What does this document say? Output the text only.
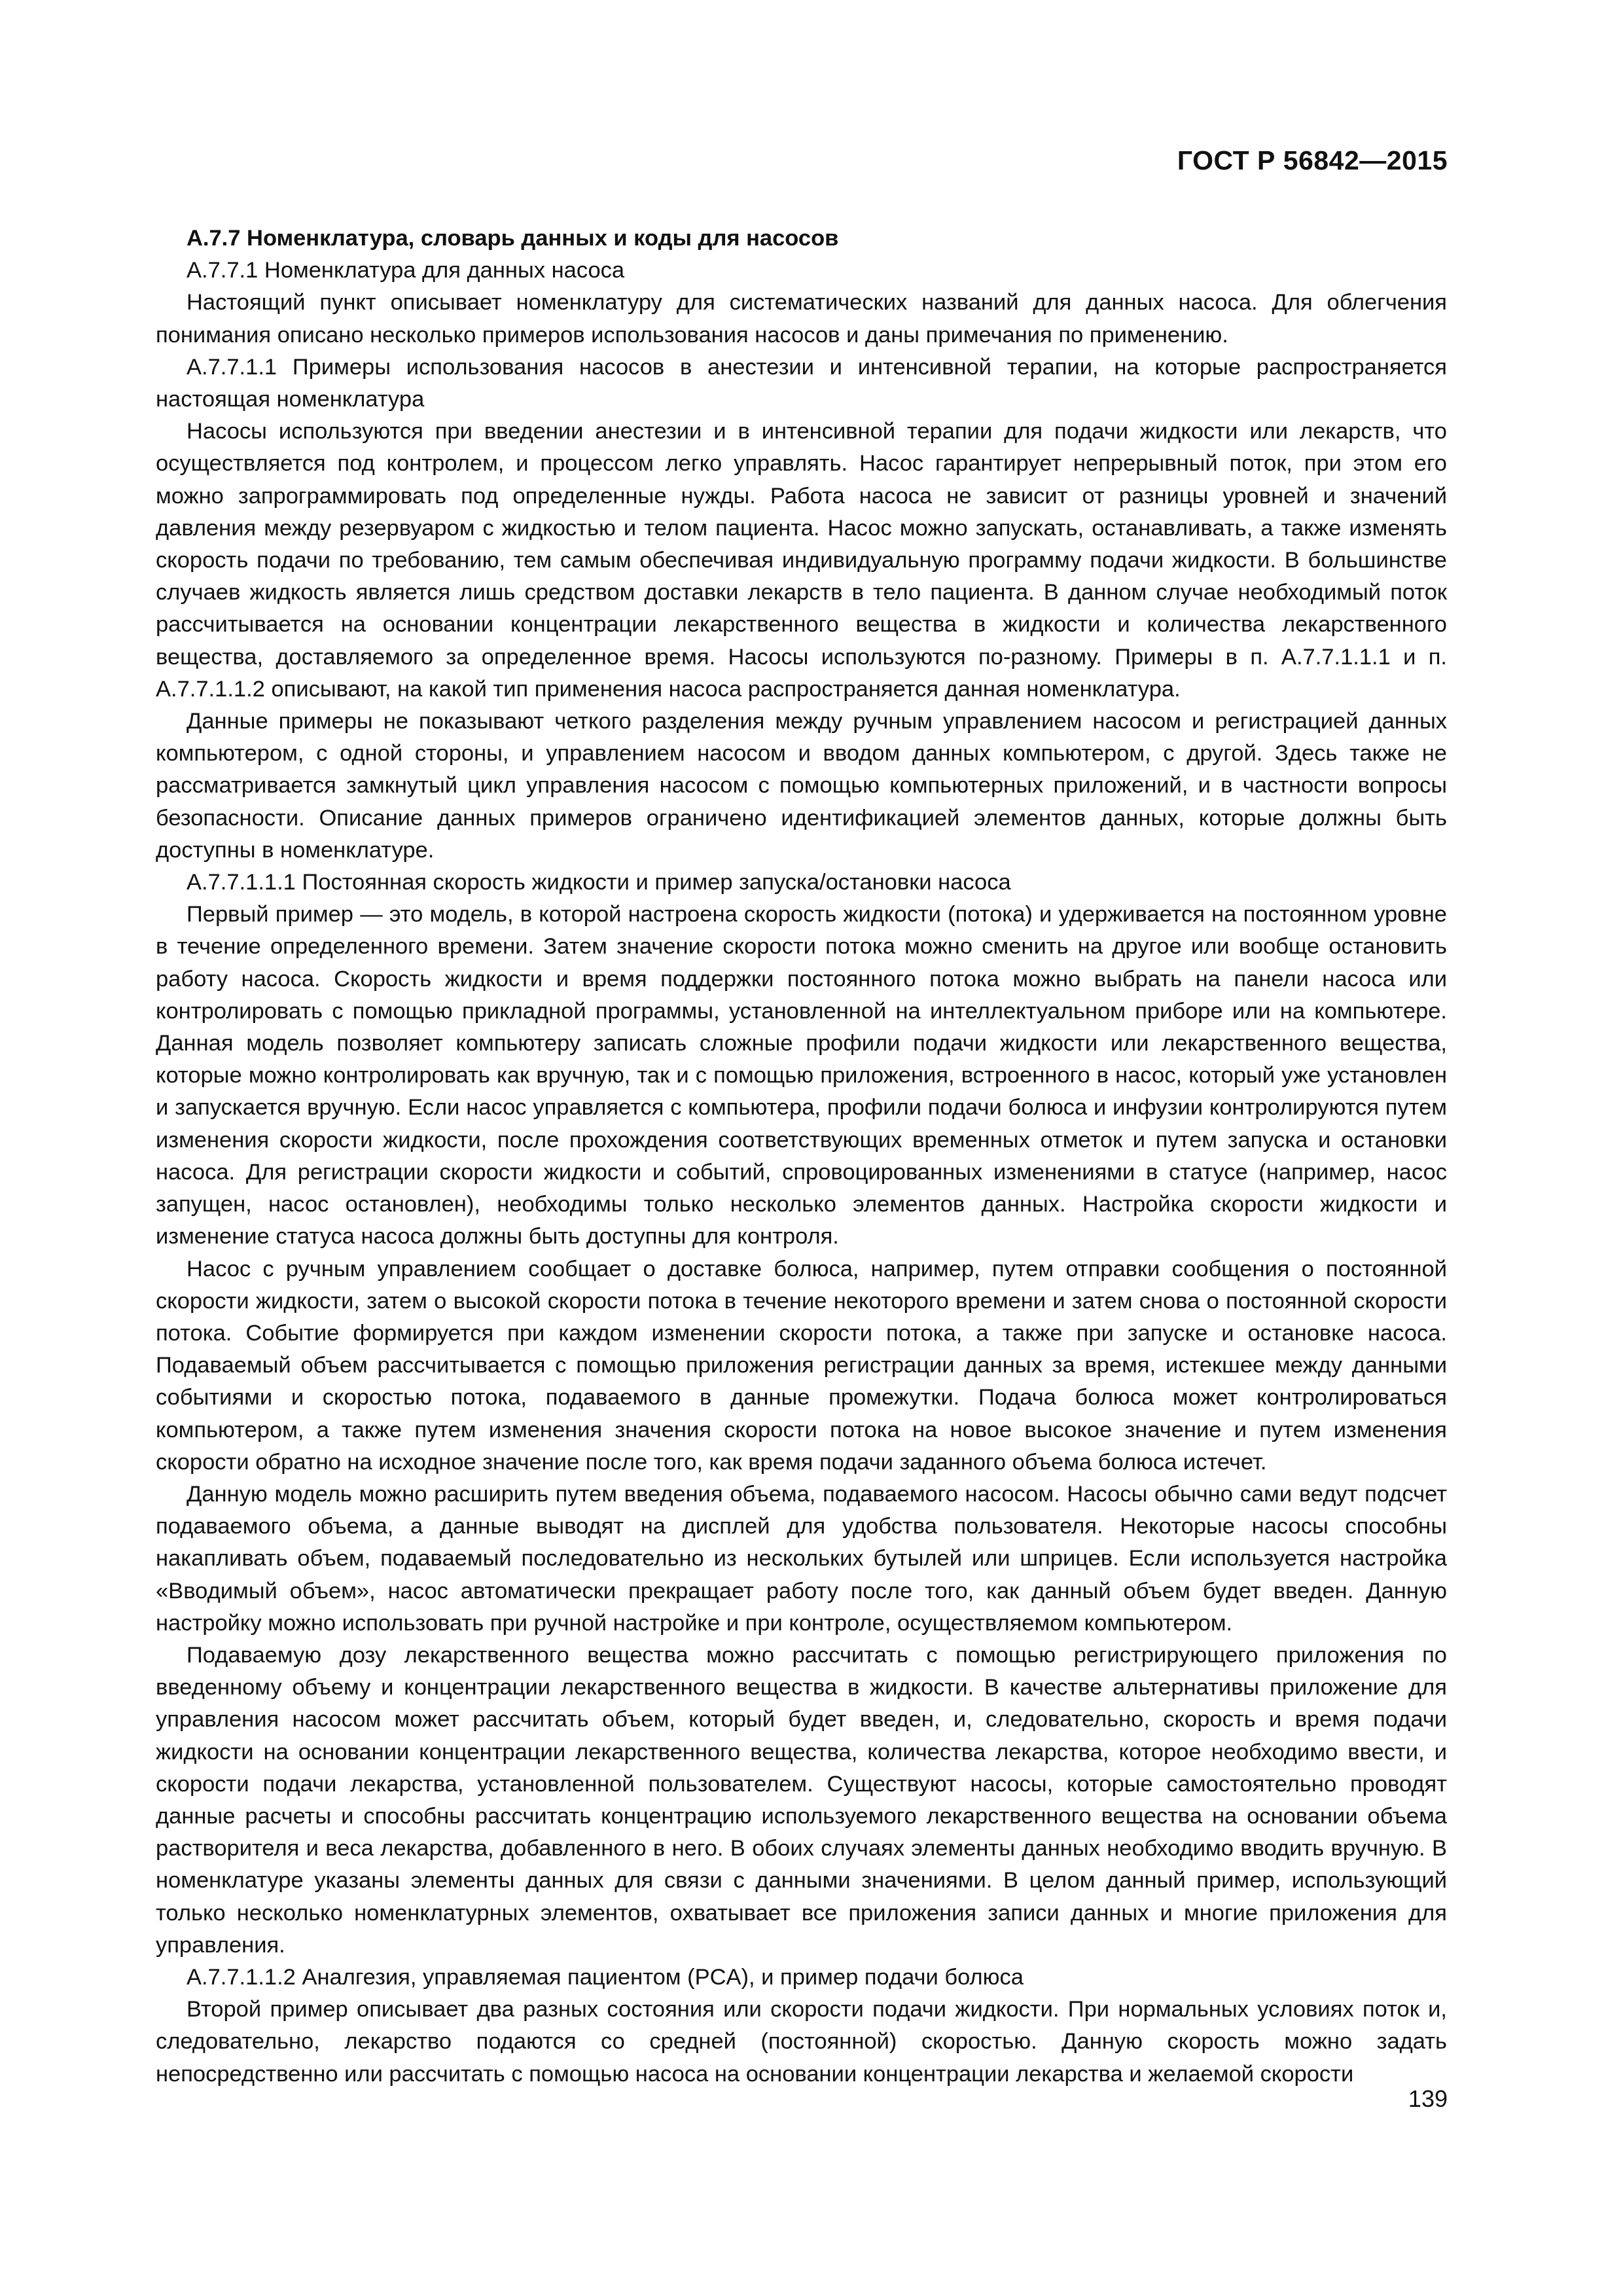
ГОСТ Р 56842—2015

А.7.7 Номенклатура, словарь данных и коды для насосов

А.7.7.1 Номенклатура для данных насоса

Настоящий пункт описывает номенклатуру для систематических названий для данных насоса. Для облегчения понимания описано несколько примеров использования насосов и даны примечания по применению.

А.7.7.1.1 Примеры использования насосов в анестезии и интенсивной терапии, на которые распространяется настоящая номенклатура

Насосы используются при введении анестезии и в интенсивной терапии для подачи жидкости или лекарств, что осуществляется под контролем, и процессом легко управлять. Насос гарантирует непрерывный поток, при этом его можно запрограммировать под определенные нужды. Работа насоса не зависит от разницы уровней и значений давления между резервуаром с жидкостью и телом пациента. Насос можно запускать, останавливать, а также изменять скорость подачи по требованию, тем самым обеспечивая индивидуальную программу подачи жидкости. В большинстве случаев жидкость является лишь средством доставки лекарств в тело пациента. В данном случае необходимый поток рассчитывается на основании концентрации лекарственного вещества в жидкости и количества лекарственного вещества, доставляемого за определенное время. Насосы используются по-разному. Примеры в п. А.7.7.1.1.1 и п. А.7.7.1.1.2 описывают, на какой тип применения насоса распространяется данная номенклатура.

Данные примеры не показывают четкого разделения между ручным управлением насосом и регистрацией данных компьютером, с одной стороны, и управлением насосом и вводом данных компьютером, с другой. Здесь также не рассматривается замкнутый цикл управления насосом с помощью компьютерных приложений, и в частности вопросы безопасности. Описание данных примеров ограничено идентификацией элементов данных, которые должны быть доступны в номенклатуре.

А.7.7.1.1.1 Постоянная скорость жидкости и пример запуска/остановки насоса

Первый пример — это модель, в которой настроена скорость жидкости (потока) и удерживается на постоянном уровне в течение определенного времени. Затем значение скорости потока можно сменить на другое или вообще остановить работу насоса. Скорость жидкости и время поддержки постоянного потока можно выбрать на панели насоса или контролировать с помощью прикладной программы, установленной на интеллектуальном приборе или на компьютере. Данная модель позволяет компьютеру записать сложные профили подачи жидкости или лекарственного вещества, которые можно контролировать как вручную, так и с помощью приложения, встроенного в насос, который уже установлен и запускается вручную. Если насос управляется с компьютера, профили подачи болюса и инфузии контролируются путем изменения скорости жидкости, после прохождения соответствующих временных отметок и путем запуска и остановки насоса. Для регистрации скорости жидкости и событий, спровоцированных изменениями в статусе (например, насос запущен, насос остановлен), необходимы только несколько элементов данных. Настройка скорости жидкости и изменение статуса насоса должны быть доступны для контроля.

Насос с ручным управлением сообщает о доставке болюса, например, путем отправки сообщения о постоянной скорости жидкости, затем о высокой скорости потока в течение некоторого времени и затем снова о постоянной скорости потока. Событие формируется при каждом изменении скорости потока, а также при запуске и остановке насоса. Подаваемый объем рассчитывается с помощью приложения регистрации данных за время, истекшее между данными событиями и скоростью потока, подаваемого в данные промежутки. Подача болюса может контролироваться компьютером, а также путем изменения значения скорости потока на новое высокое значение и путем изменения скорости обратно на исходное значение после того, как время подачи заданного объема болюса истечет.

Данную модель можно расширить путем введения объема, подаваемого насосом. Насосы обычно сами ведут подсчет подаваемого объема, а данные выводят на дисплей для удобства пользователя. Некоторые насосы способны накапливать объем, подаваемый последовательно из нескольких бутылей или шприцев. Если используется настройка «Вводимый объем», насос автоматически прекращает работу после того, как данный объем будет введен. Данную настройку можно использовать при ручной настройке и при контроле, осуществляемом компьютером.

Подаваемую дозу лекарственного вещества можно рассчитать с помощью регистрирующего приложения по введенному объему и концентрации лекарственного вещества в жидкости. В качестве альтернативы приложение для управления насосом может рассчитать объем, который будет введен, и, следовательно, скорость и время подачи жидкости на основании концентрации лекарственного вещества, количества лекарства, которое необходимо ввести, и скорости подачи лекарства, установленной пользователем. Существуют насосы, которые самостоятельно проводят данные расчеты и способны рассчитать концентрацию используемого лекарственного вещества на основании объема растворителя и веса лекарства, добавленного в него. В обоих случаях элементы данных необходимо вводить вручную. В номенклатуре указаны элементы данных для связи с данными значениями. В целом данный пример, использующий только несколько номенклатурных элементов, охватывает все приложения записи данных и многие приложения для управления.

А.7.7.1.1.2 Аналгезия, управляемая пациентом (PCA), и пример подачи болюса

Второй пример описывает два разных состояния или скорости подачи жидкости. При нормальных условиях поток и, следовательно, лекарство подаются со средней (постоянной) скоростью. Данную скорость можно задать непосредственно или рассчитать с помощью насоса на основании концентрации лекарства и желаемой скорости

139
